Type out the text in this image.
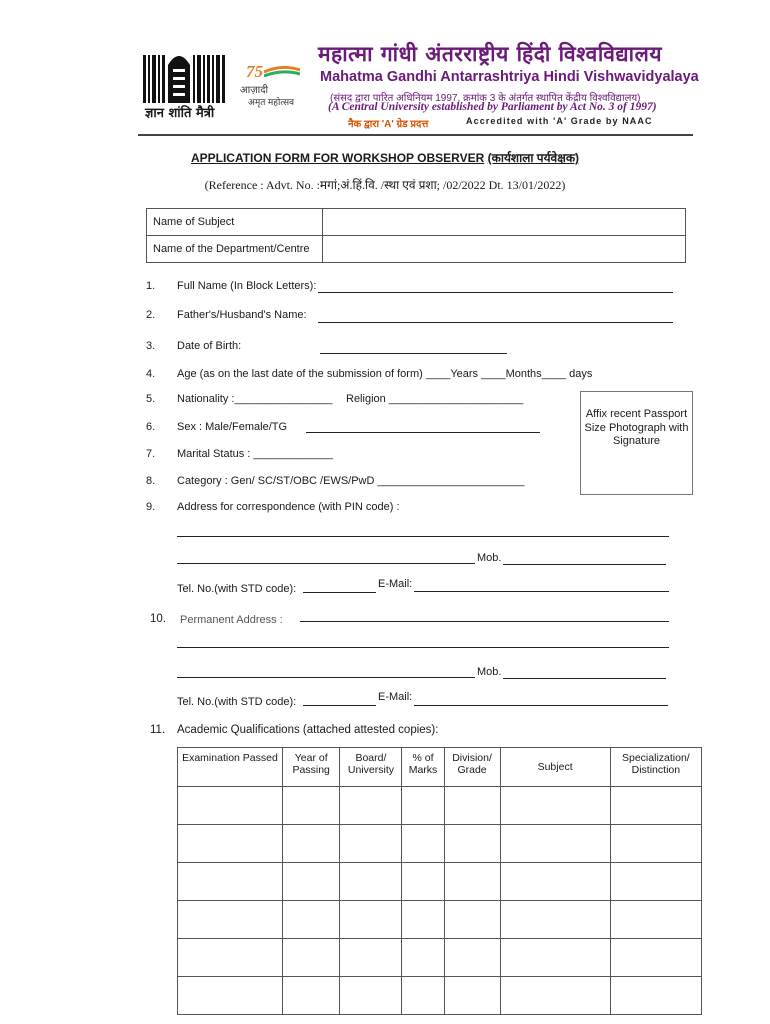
ज्ञान शांति मैत्री
75
आज़ादी
अमृत महोत्सव
महात्मा गांधी अंतरराष्ट्रीय हिंदी विश्वविद्यालय
Mahatma Gandhi Antarrashtriya Hindi Vishwavidyalaya
(संसद द्वारा पारित अधिनियम 1997, क्रमांक 3 के अंतर्गत स्थापित केंद्रीय विश्वविद्यालय)
(A Central University established by Parliament by Act No. 3 of 1997)
नैक द्वारा 'A' ग्रेड प्रदत्त	Accredited with 'A' Grade by NAAC
APPLICATION FORM FOR WORKSHOP OBSERVER (कार्यशाला पर्यवेक्षक)
(Reference : Advt. No. :मगां;अं.हिं.वि. /स्था एवं प्रशा; /02/2022 Dt. 13/01/2022)
Name of Subject	
Name of the Department/Centre	
1. Full Name (In Block Letters):
2. Father's/Husband's Name:
3. Date of Birth:
4. Age (as on the last date of the submission of form) ____Years ____Months____ days
5. Nationality :________________ Religion ______________________
6. Sex : Male/Female/TG
7. Marital Status : _____________
8. Category : Gen/ SC/ST/OBC /EWS/PwD ________________________
9. Address for correspondence (with PIN code) :
Mob.
Tel. No.(with STD code):	E-Mail:
Affix recent Passport Size Photograph with Signature
10. Permanent Address :
Mob.
Tel. No.(with STD code):	E-Mail:
11. Academic Qualifications (attached attested copies):
Examination Passed	Year of Passing	Board/ University	% of Marks	Division/ Grade	Subject	Specialization/ Distinction
